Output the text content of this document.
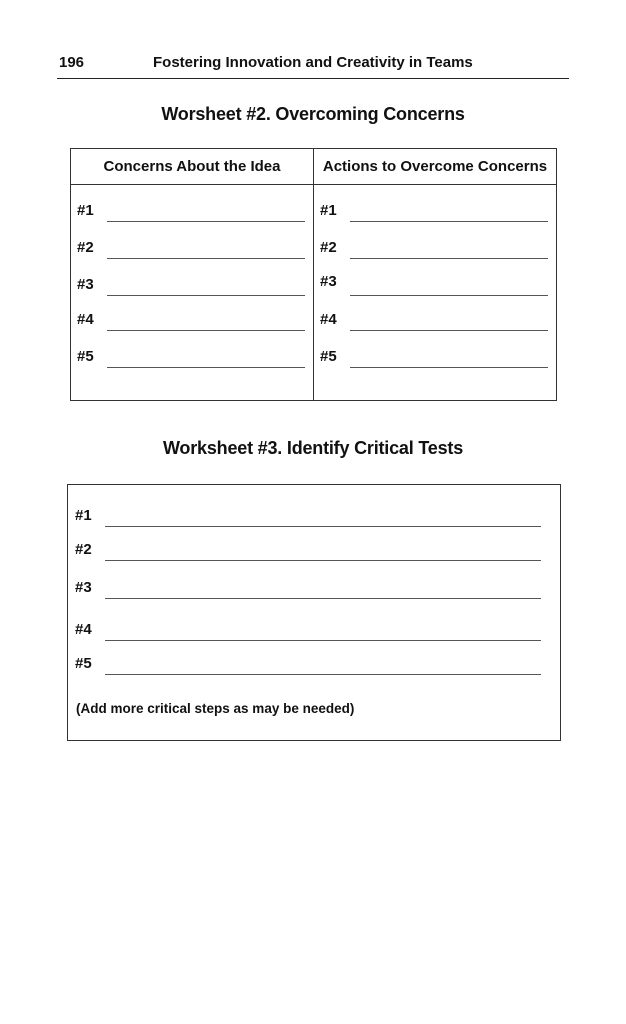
196	Fostering Innovation and Creativity in Teams
Worsheet #2. Overcoming Concerns
Concerns About the Idea	Actions to Overcome Concerns
#1
#2
#3
#4
#5
#1
#2
#3
#4
#5
Worksheet #3. Identify Critical Tests
#1
#2
#3
#4
#5
(Add more critical steps as may be needed)
